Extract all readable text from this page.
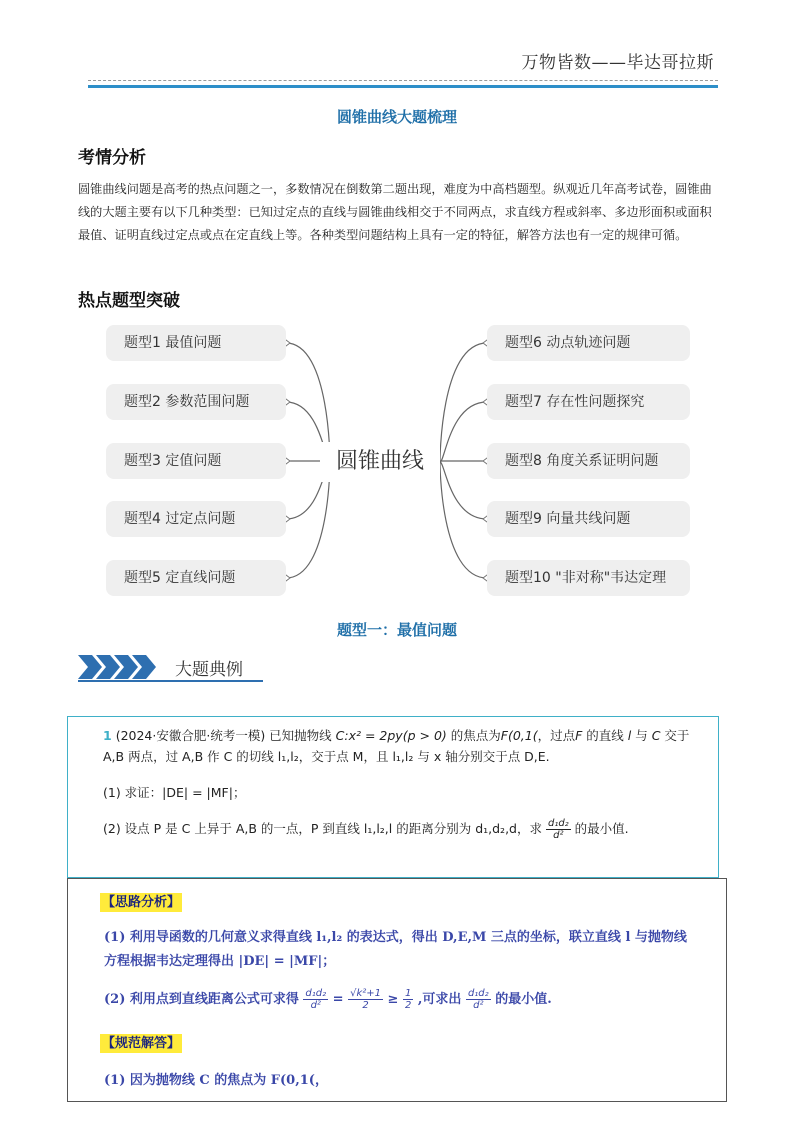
万物皆数——毕达哥拉斯
圆锥曲线大题梳理
考情分析
圆锥曲线问题是高考的热点问题之一，多数情况在倒数第二题出现，难度为中高档题型。纵观近几年高考试卷，圆锥曲线的大题主要有以下几种类型：已知过定点的直线与圆锥曲线相交于不同两点，求直线方程或斜率、多边形面积或面积最值、证明直线过定点或点在定直线上等。各种类型问题结构上具有一定的特征，解答方法也有一定的规律可循。
热点题型突破
题型1 最值问题
题型2 参数范围问题
题型3 定值问题
题型4 过定点问题
题型5 定直线问题
题型6 动点轨迹问题
题型7 存在性问题探究
题型8 角度关系证明问题
题型9 向量共线问题
题型10 "非对称"韦达定理
圆锥曲线
题型一：最值问题
大题典例
1 (2024·安徽合肥·统考一模) 已知抛物线 C:x² = 2py(p > 0) 的焦点为F(0,1(，过点F 的直线 l 与 C 交于
A,B 两点，过 A,B 作 C 的切线 l₁,l₂，交于点 M，且 l₁,l₂ 与 x 轴分别交于点 D,E.
(1) 求证：|DE| = |MF|；
(2) 设点 P 是 C 上异于 A,B 的一点，P 到直线 l₁,l₂,l 的距离分别为 d₁,d₂,d，求 $\frac{\text{d₁d₂}}{\text{d²}}$ 的最小值.
【思路分析】
(1) 利用导函数的几何意义求得直线 l₁,l₂ 的表达式，得出 D,E,M 三点的坐标，联立直线 l 与抛物线
方程根据韦达定理得出 |DE| = |MF|；
(2) 利用点到直线距离公式可求得 $\frac{\text{d₁d₂}}{\text{d²}} = \frac{\text{√k²+1}}{2} \ge \frac{1}{2}$ ,可求出 $\frac{\text{d₁d₂}}{\text{d²}}$ 的最小值.
【规范解答】
(1) 因为抛物线 C 的焦点为 F(0,1(，
